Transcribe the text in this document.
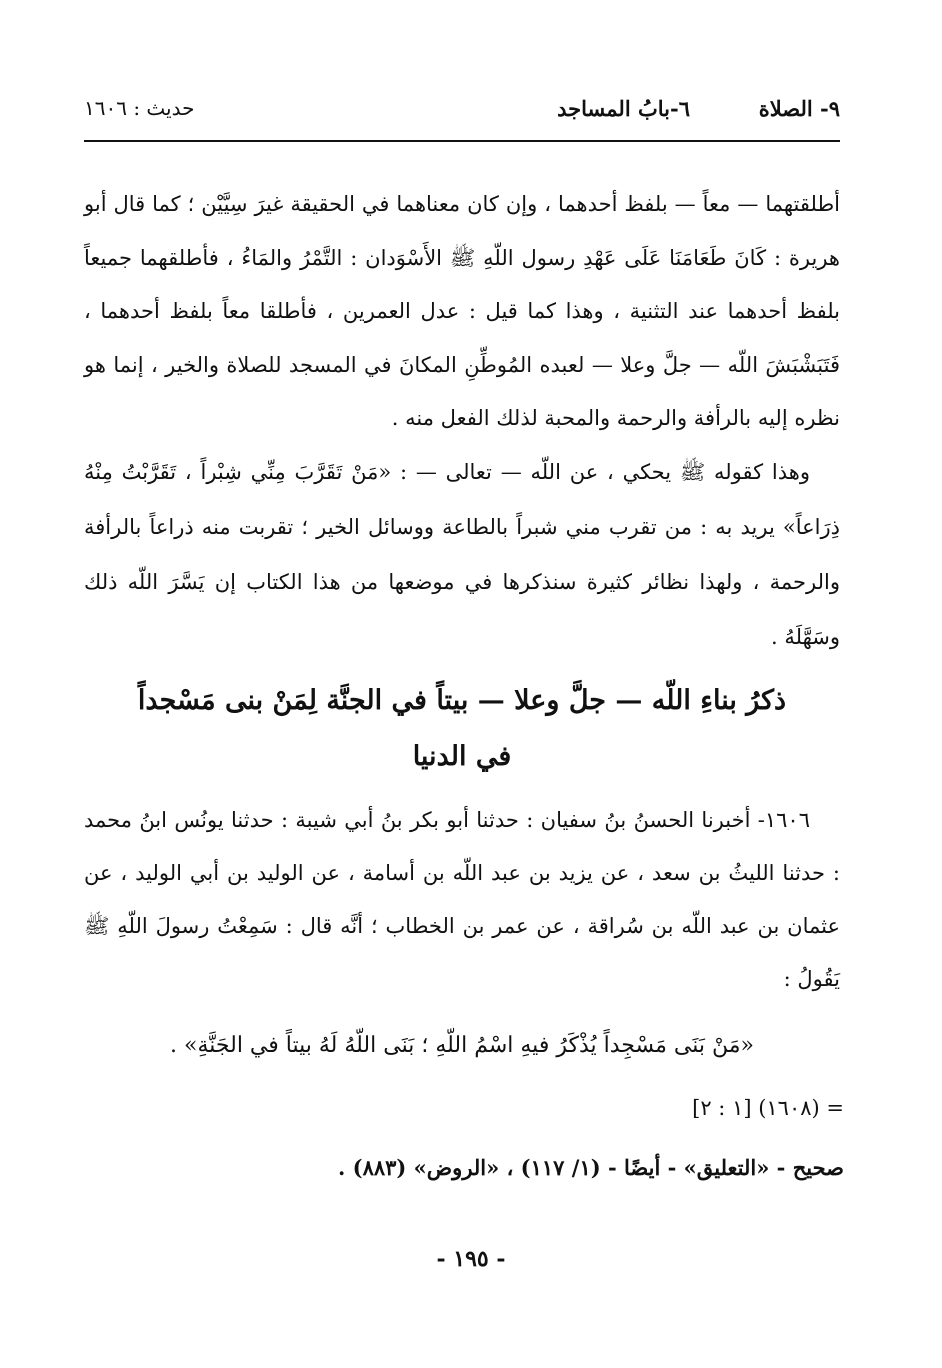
٩- الصلاة
٦-بابُ المساجد
حديث : ١٦٠٦

أطلقتهما — معاً — بلفظ أحدهما ، وإن كان معناهما في الحقيقة غيرَ سِيَّيْن ؛ كما قال أبو هريرة : كَانَ طَعَامَنَا عَلَى عَهْدِ رسول اللّهِ ﷺ الأَسْوَدان : التَّمْرُ والمَاءُ ، فأطلقهما جميعاً بلفظ أحدهما عند التثنية ، وهذا كما قيل : عدل العمرين ، فأطلقا معاً بلفظ أحدهما ، فَتَبَشْبَشَ اللّه — جلَّ وعلا — لعبده المُوطِّنِ المكانَ في المسجد للصلاة والخير ، إنما هو نظره إليه بالرأفة والرحمة والمحبة لذلك الفعل منه .

وهذا كقوله ﷺ يحكي ، عن اللّه — تعالى — : «مَنْ تَقَرَّبَ مِنِّي شِبْراً ، تَقَرَّبْتُ مِنْهُ ذِرَاعاً» يريد به : من تقرب مني شبراً بالطاعة ووسائل الخير ؛ تقربت منه ذراعاً بالرأفة والرحمة ، ولهذا نظائر كثيرة سنذكرها في موضعها من هذا الكتاب إن يَسَّرَ اللّه ذلك وسَهَّلَهُ .

ذكرُ بناءِ اللّه — جلَّ وعلا — بيتاً في الجنَّة لِمَنْ بنى مَسْجداً

في الدنيا

١٦٠٦- أخبرنا الحسنُ بنُ سفيان : حدثنا أبو بكر بنُ أبي شيبة : حدثنا يونُس ابنُ محمد : حدثنا الليثُ بن سعد ، عن يزيد بن عبد اللّه بن أسامة ، عن الوليد بن أبي الوليد ، عن عثمان بن عبد اللّه بن سُراقة ، عن عمر بن الخطاب ؛ أنَّه قال : سَمِعْتُ رسولَ اللّهِ ﷺ يَقُولُ :

«مَنْ بَنَى مَسْجِداً يُذْكَرُ فيهِ اسْمُ اللّهِ ؛ بَنَى اللّهُ لَهُ بيتاً في الجَنَّةِ» .

= (١٦٠٨) [١ : ٢]

صحيح - «التعليق» - أيضًا - (١/ ١١٧) ، «الروض» (٨٨٣) .

- ١٩٥ -
